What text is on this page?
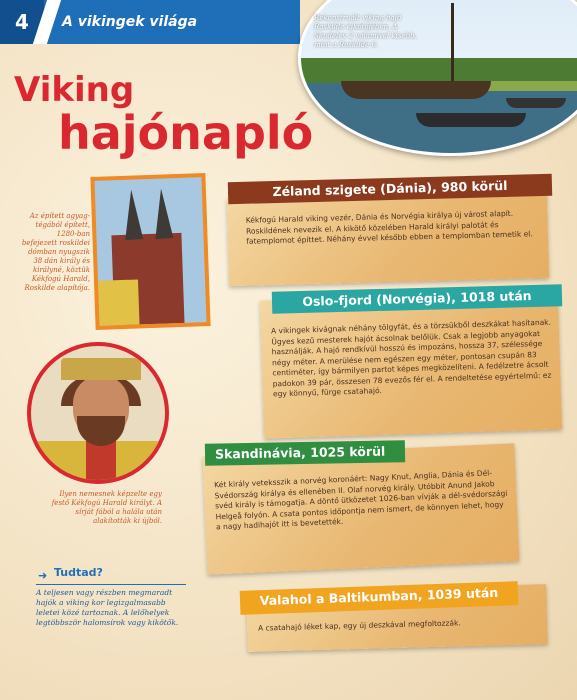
4	A vikingek világa	Rekonstruált viking hajó Roskilde kikötőjében. A Skudelev 2 valamivel kisebb, mint a Roskilde 6.
Viking
hajónapló
Az épített agyag-tégából épített, 1280-ban befejezett roskildei dómban nyugszik 38 dán király és királyné, köztük Kékfogú Harald, Roskilde alapítója.
Ilyen nemesnek képzelte egy festő Kékfogú Harald királyt. A sírját fából a halála után alakították ki újból.
➜ Tudtad?
A teljesen vagy részben megmaradt hajók a viking kor legizgalmasabb leletei közé tartoznak. A lelőhelyek legtöbbször halomsírok vagy kikötők.
Zéland szigete (Dánia), 980 körül
Kékfogú Harald viking vezér, Dánia és Norvégia királya új várost alapít. Roskildének nevezik el. A kikötő közelében Harald királyi palotát és fatemplomot építtet. Néhány évvel később ebben a templomban temetik el.
Oslo-fjord (Norvégia), 1018 után
A vikingek kivágnak néhány tölgyfát, és a törzsükből deszkákat hasítanak. Ügyes kezű mesterek hajót ácsolnak belőlük. Csak a legjobb anyagokat használják. A hajó rendkívül hosszú és impozáns, hossza 37, szélessége négy méter. A merülése nem egészen egy méter, pontosan csupán 83 centiméter, így bármilyen partot képes megközelíteni. A fedélzetre ácsolt padokon 39 pár, összesen 78 evezős fér el. A rendeltetése egyértelmű: ez egy könnyű, fürge csatahajó.
Skandinávia, 1025 körül
Két király veteksszik a norvég koronáért: Nagy Knut, Anglia, Dánia és Dél-Svédország királya és ellenében II. Olaf norvég király. Utóbbit Anund Jakob svéd király is támogatja. A döntő ütközetet 1026-ban vívják a dél-svédországi Helgeå folyón. A csata pontos időpontja nem ismert, de könnyen lehet, hogy a nagy hadihajót itt is bevetették.
Valahol a Baltikumban, 1039 után
A csatahajó léket kap, egy új deszkával megfoltozzák.
